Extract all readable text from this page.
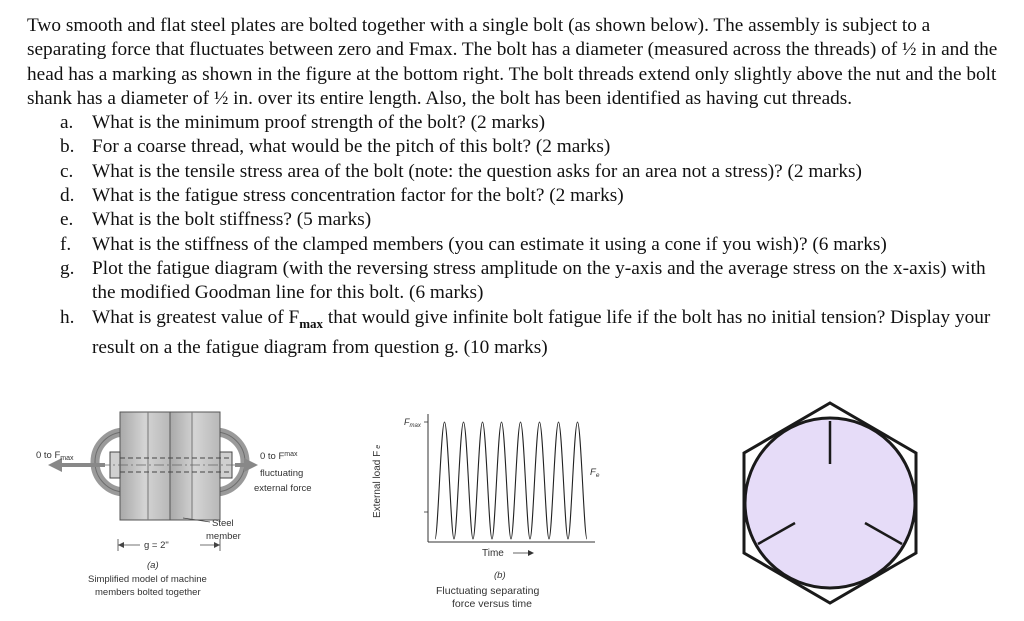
Two smooth and flat steel plates are bolted together with a single bolt (as shown below). The assembly is subject to a separating force that fluctuates between zero and Fmax. The bolt has a diameter (measured across the threads) of ½ in and the head has a marking as shown in the figure at the bottom right. The bolt threads extend only slightly above the nut and the bolt shank has a diameter of ½ in. over its entire length. Also, the bolt has been identified as having cut threads.

a. What is the minimum proof strength of the bolt? (2 marks)
b. For a coarse thread, what would be the pitch of this bolt? (2 marks)
c. What is the tensile stress area of the bolt (note: the question asks for an area not a stress)? (2 marks)
d. What is the fatigue stress concentration factor for the bolt? (2 marks)
e. What is the bolt stiffness? (5 marks)
f.	What is the stiffness of the clamped members (you can estimate it using a cone if you wish)? (6 marks)
g. Plot the fatigue diagram (with the reversing stress amplitude on the y-axis and the average stress on the x-axis) with the modified Goodman line for this bolt. (6 marks)
h. What is greatest value of $F_{max}$ that would give infinite bolt fatigue life if the bolt has no initial tension? Display your result on a the fatigue diagram from question g. (10 marks)
0 to $F_{max}$	0 to $F^{max}$
fluctuating
external force
Steel
member
g = 2"
(a)
Simplified model of machine
members bolted together
$F_{max}$
External load Fe
$F_e$
Time
(b)
Fluctuating separating
force versus time
